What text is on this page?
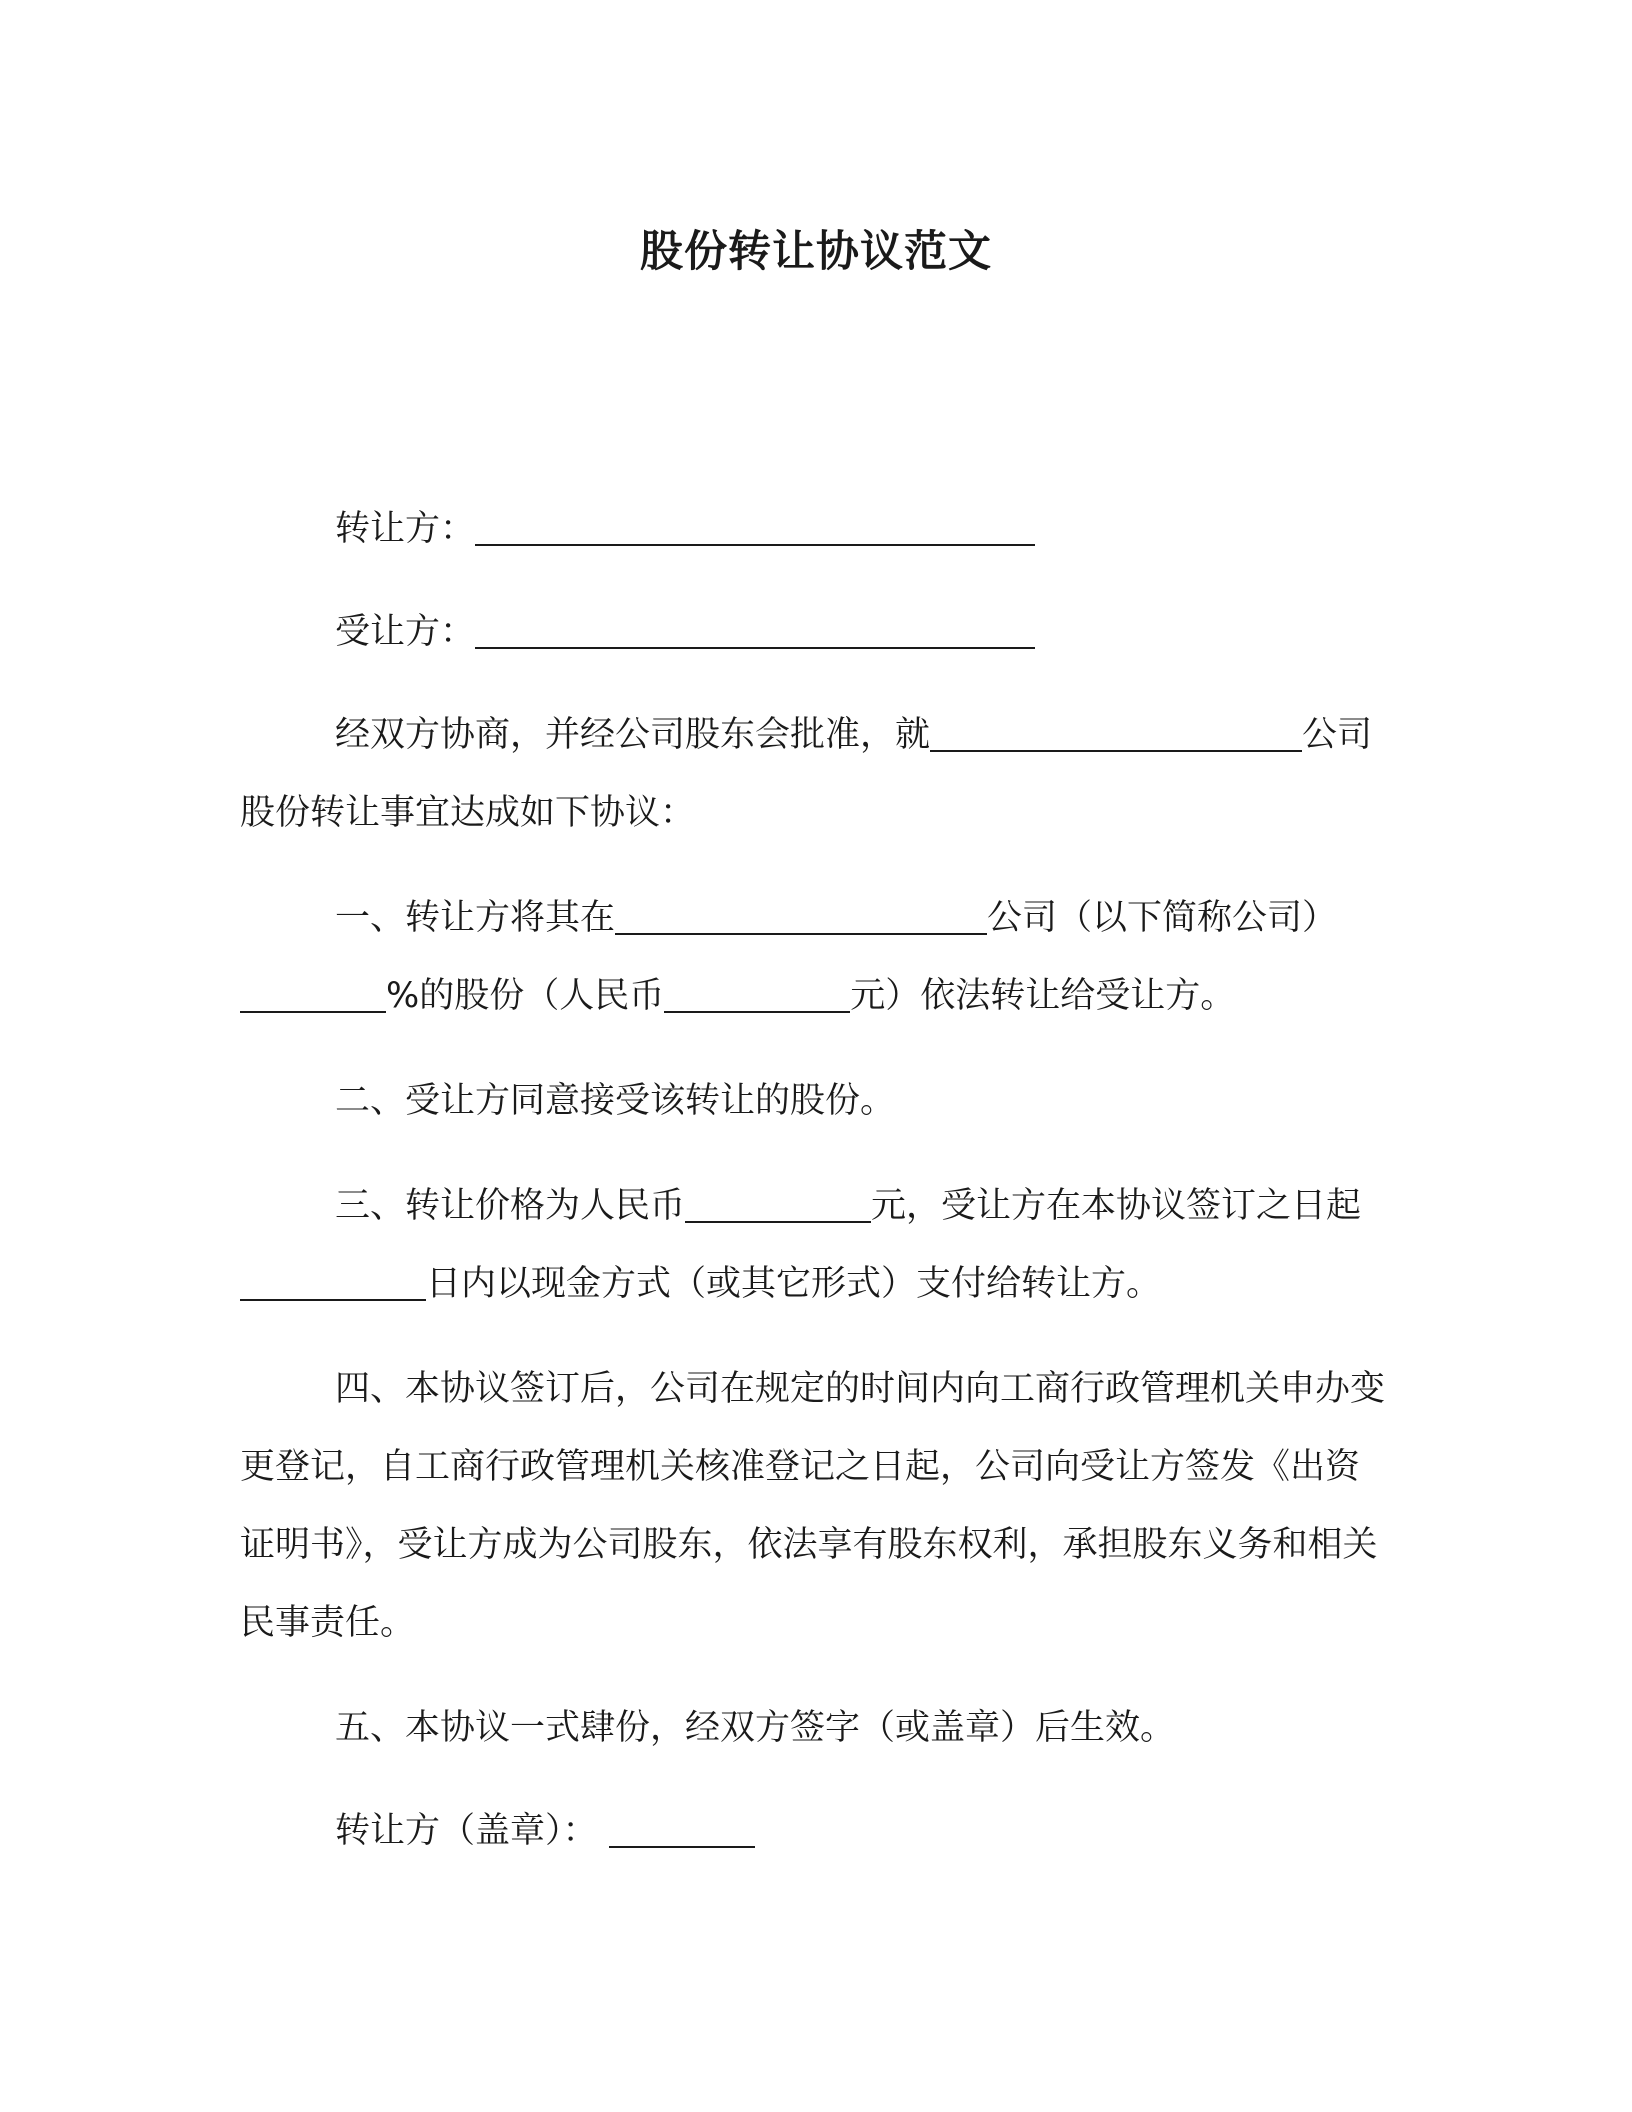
股份转让协议范文

转让方：

受让方：

经双方协商，并经公司股东会批准，就	公司股份转让事宜达成如下协议：

一、转让方将其在	公司（以下简称公司）%的股份（人民币	元）依法转让给受让方。

二、受让方同意接受该转让的股份。

三、转让价格为人民币	元，受让方在本协议签订之日起日内以现金方式（或其它形式）支付给转让方。

四、本协议签订后，公司在规定的时间内向工商行政管理机关申办变更登记，自工商行政管理机关核准登记之日起，公司向受让方签发《出资证明书》，受让方成为公司股东，依法享有股东权利，承担股东义务和相关民事责任。

五、本协议一式肆份，经双方签字（或盖章）后生效。

转让方（盖章）：
